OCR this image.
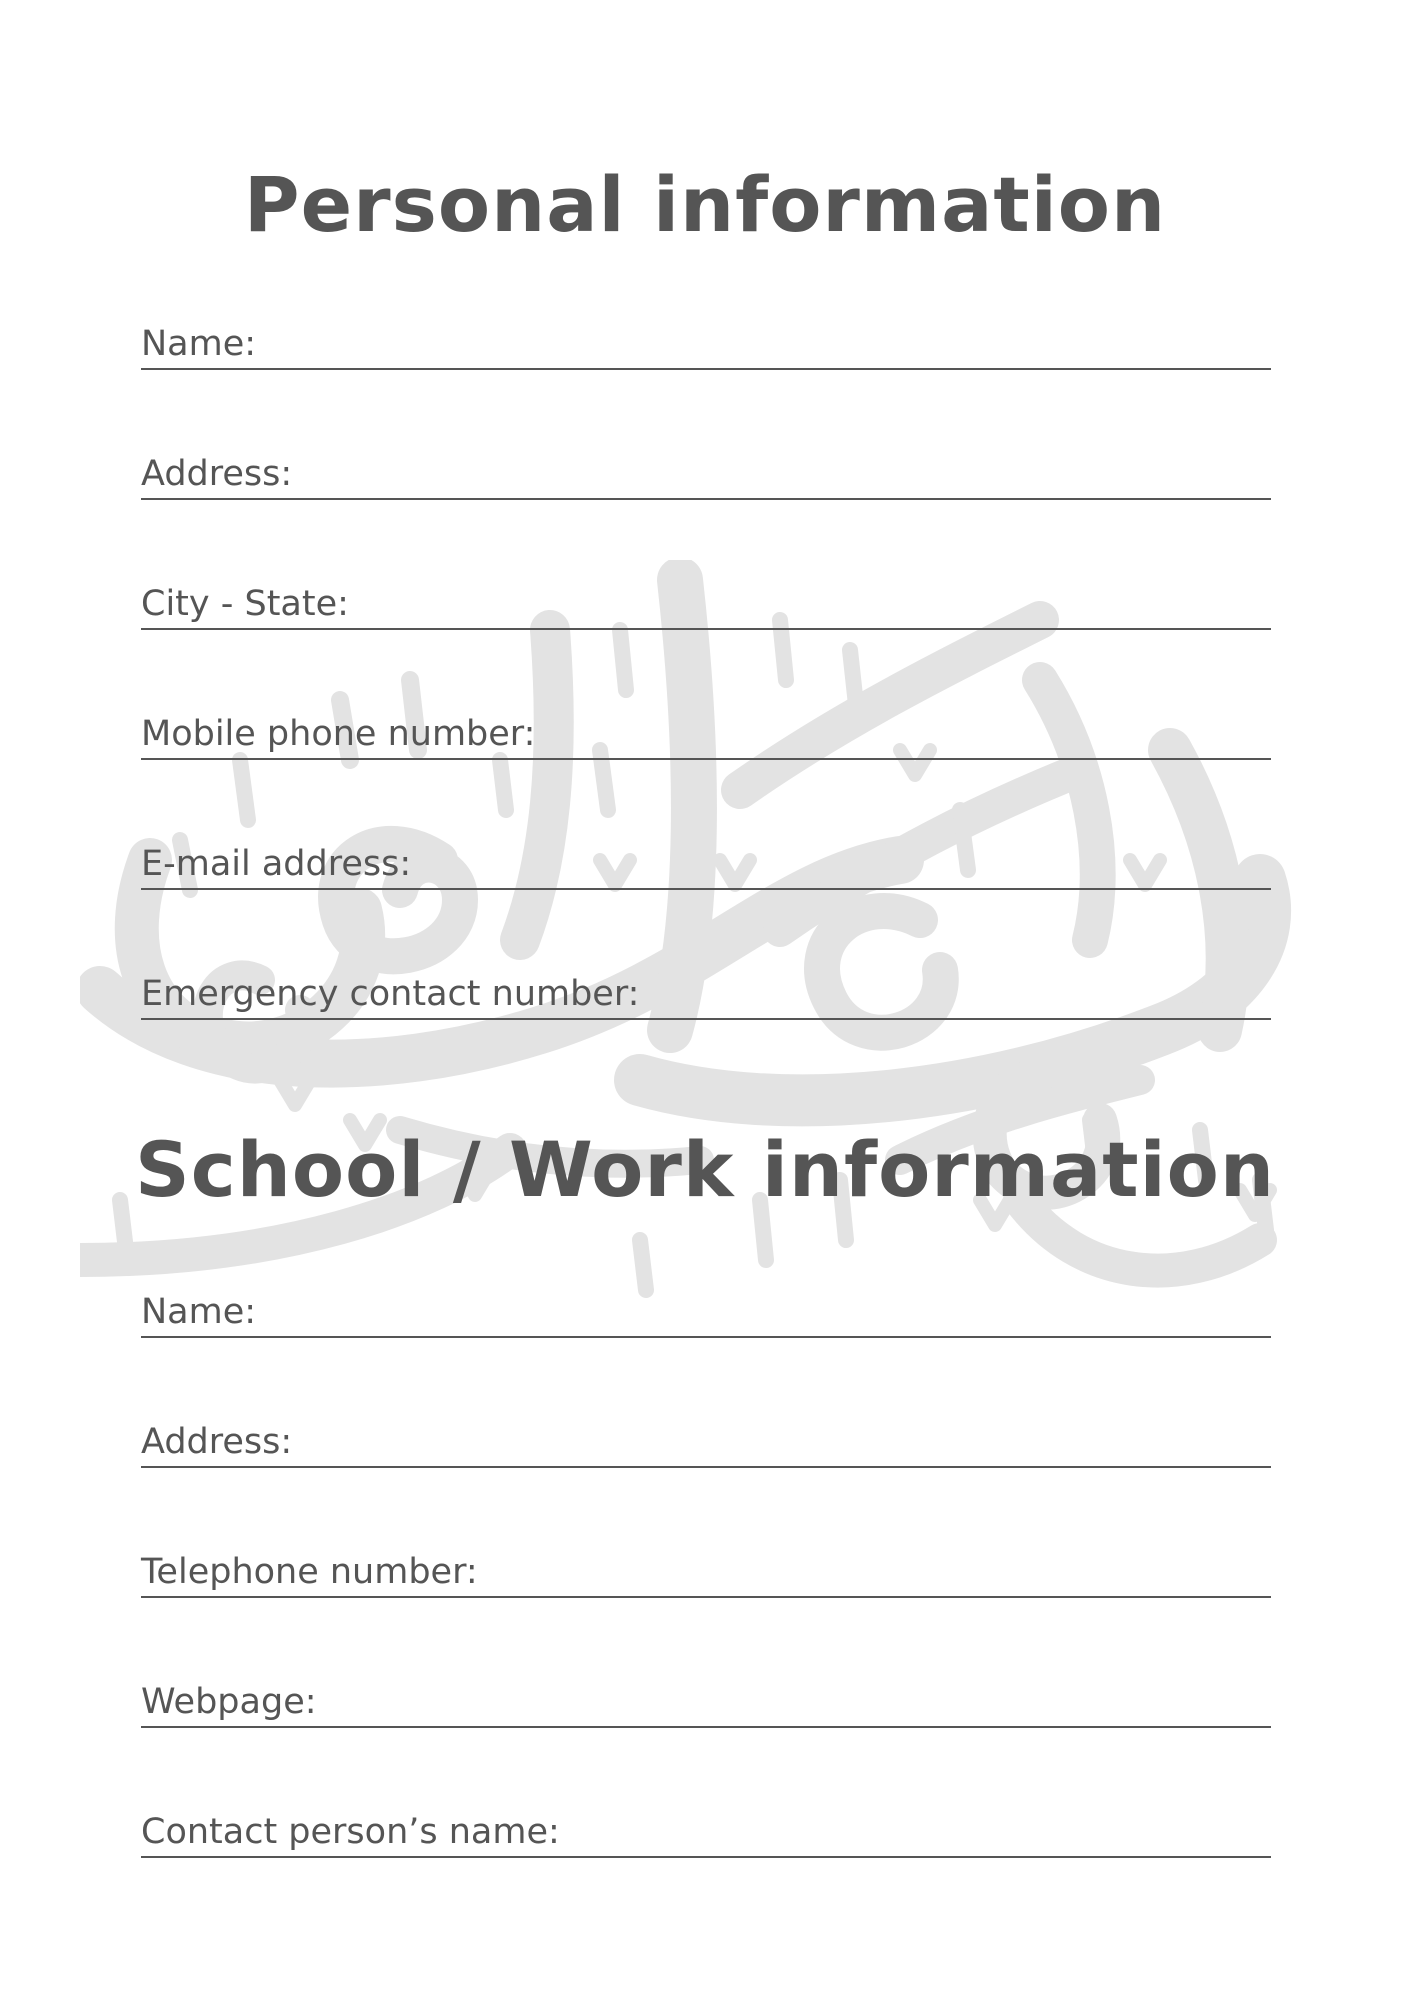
Personal information
Name:
Address:
City - State:
Mobile phone number:
E-mail address:
Emergency contact number:
School / Work information
Name:
Address:
Telephone number:
Webpage:
Contact person’s name:
